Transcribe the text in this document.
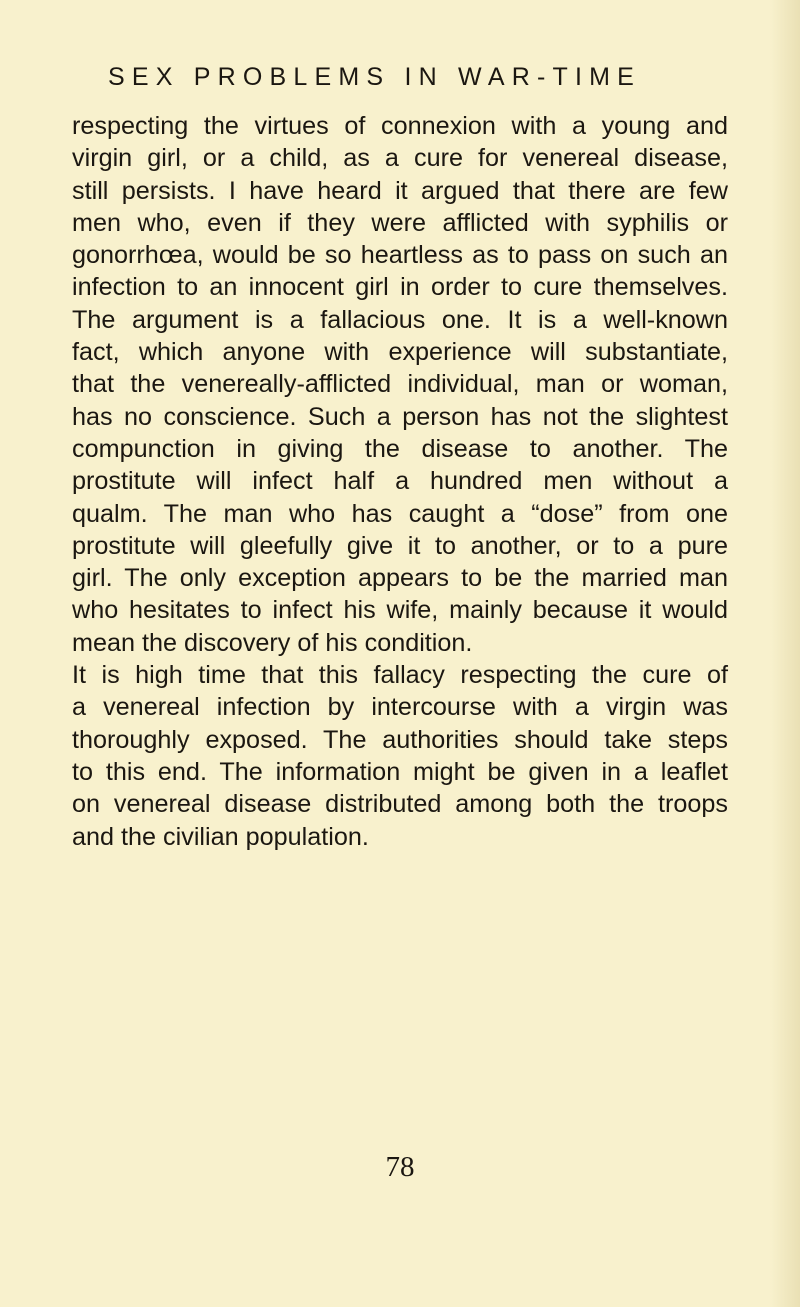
SEX PROBLEMS IN WAR-TIME
respecting the virtues of connexion with a young and
virgin girl, or a child, as a cure for venereal disease,
still persists. I have heard it argued that there are few
men who, even if they were afflicted with syphilis or
gonorrhœa, would be so heartless as to pass on such an
infection to an innocent girl in order to cure themselves.
The argument is a fallacious one. It is a well-known
fact, which anyone with experience will substantiate,
that the venereally-afflicted individual, man or woman,
has no conscience. Such a person has not the slightest
compunction in giving the disease to another. The
prostitute will infect half a hundred men without a
qualm. The man who has caught a “dose” from one
prostitute will gleefully give it to another, or to a pure
girl. The only exception appears to be the married man
who hesitates to infect his wife, mainly because it would
mean the discovery of his condition.
It is high time that this fallacy respecting the cure of
a venereal infection by intercourse with a virgin was
thoroughly exposed. The authorities should take steps
to this end. The information might be given in a leaflet
on venereal disease distributed among both the troops
and the civilian population.
78
